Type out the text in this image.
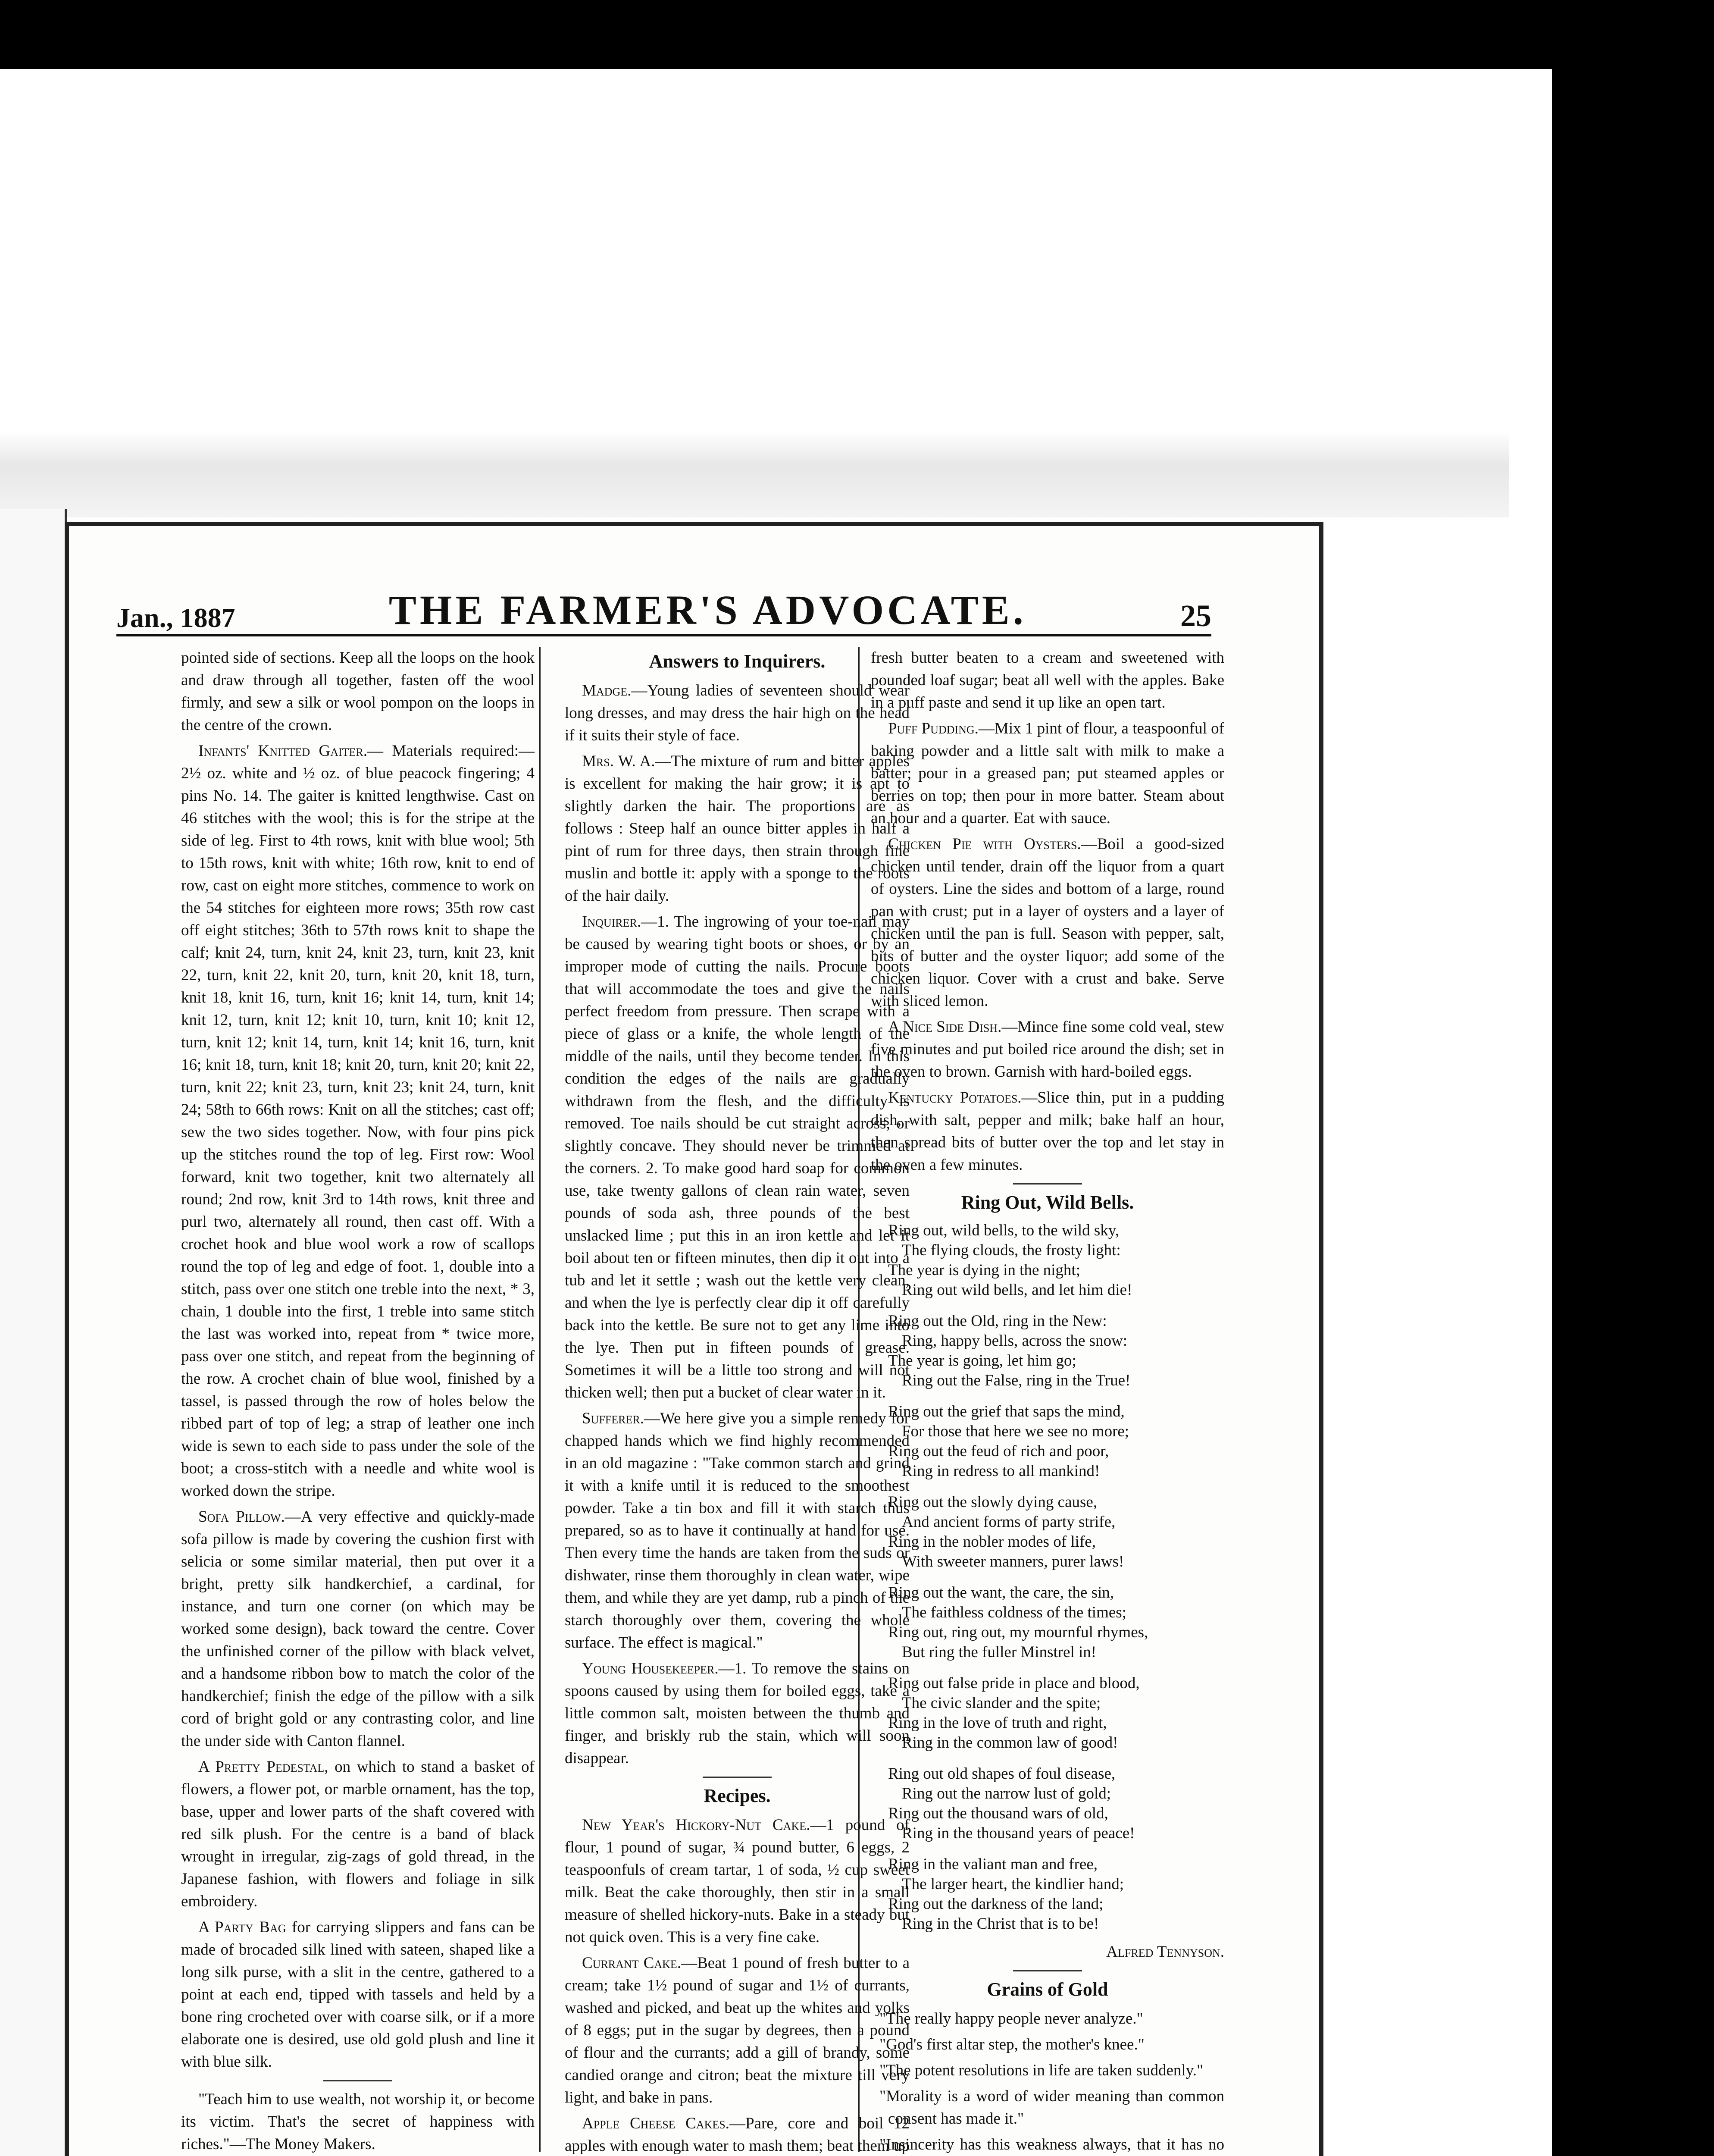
Jan., 1887	THE FARMER'S ADVOCATE.	25

pointed side of sections. Keep all the loops on the hook and draw through all together, fasten off the wool firmly, and sew a silk or wool pompon on the loops in the centre of the crown.

Infants' Knitted Gaiter.— Materials required:—2½ oz. white and ½ oz. of blue peacock fingering; 4 pins No. 14. The gaiter is knitted lengthwise. Cast on 46 stitches with the wool; this is for the stripe at the side of leg. First to 4th rows, knit with blue wool; 5th to 15th rows, knit with white; 16th row, knit to end of row, cast on eight more stitches, commence to work on the 54 stitches for eighteen more rows; 35th row cast off eight stitches; 36th to 57th rows knit to shape the calf; knit 24, turn, knit 24, knit 23, turn, knit 23, knit 22, turn, knit 22, knit 20, turn, knit 20, knit 18, turn, knit 18, knit 16, turn, knit 16; knit 14, turn, knit 14; knit 12, turn, knit 12; knit 10, turn, knit 10; knit 12, turn, knit 12; knit 14, turn, knit 14; knit 16, turn, knit 16; knit 18, turn, knit 18; knit 20, turn, knit 20; knit 22, turn, knit 22; knit 23, turn, knit 23; knit 24, turn, knit 24; 58th to 66th rows: Knit on all the stitches; cast off; sew the two sides together. Now, with four pins pick up the stitches round the top of leg. First row: Wool forward, knit two together, knit two alternately all round; 2nd row, knit 3rd to 14th rows, knit three and purl two, alternately all round, then cast off. With a crochet hook and blue wool work a row of scallops round the top of leg and edge of foot. 1, double into a stitch, pass over one stitch one treble into the next, * 3, chain, 1 double into the first, 1 treble into same stitch the last was worked into, repeat from * twice more, pass over one stitch, and repeat from the beginning of the row. A crochet chain of blue wool, finished by a tassel, is passed through the row of holes below the ribbed part of top of leg; a strap of leather one inch wide is sewn to each side to pass under the sole of the boot; a cross-stitch with a needle and white wool is worked down the stripe.

Sofa Pillow.—A very effective and quickly-made sofa pillow is made by covering the cushion first with selicia or some similar material, then put over it a bright, pretty silk handkerchief, a cardinal, for instance, and turn one corner (on which may be worked some design), back toward the centre. Cover the unfinished corner of the pillow with black velvet, and a handsome ribbon bow to match the color of the handkerchief; finish the edge of the pillow with a silk cord of bright gold or any contrasting color, and line the under side with Canton flannel.

A Pretty Pedestal, on which to stand a basket of flowers, a flower pot, or marble ornament, has the top, base, upper and lower parts of the shaft covered with red silk plush. For the centre is a band of black wrought in irregular, zig-zags of gold thread, in the Japanese fashion, with flowers and foliage in silk embroidery.

A Party Bag for carrying slippers and fans can be made of brocaded silk lined with sateen, shaped like a long silk purse, with a slit in the centre, gathered to a point at each end, tipped with tassels and held by a bone ring crocheted over with coarse silk, or if a more elaborate one is desired, use old gold plush and line it with blue silk.

"Teach him to use wealth, not worship it, or become its victim. That's the secret of happiness with riches."—The Money Makers.

Answers to Inquirers.

Madge.—Young ladies of seventeen should wear long dresses, and may dress the hair high on the head if it suits their style of face.

Mrs. W. A.—The mixture of rum and bitter apples is excellent for making the hair grow; it is apt to slightly darken the hair. The proportions are as follows : Steep half an ounce bitter apples in half a pint of rum for three days, then strain through fine muslin and bottle it: apply with a sponge to the roots of the hair daily.

Inquirer.—1. The ingrowing of your toe-nail may be caused by wearing tight boots or shoes, or by an improper mode of cutting the nails. Procure boots that will accommodate the toes and give the nails perfect freedom from pressure. Then scrape with a piece of glass or a knife, the whole length of the middle of the nails, until they become tender. In this condition the edges of the nails are gradually withdrawn from the flesh, and the difficulty is removed. Toe nails should be cut straight across, or slightly concave. They should never be trimmed at the corners. 2. To make good hard soap for common use, take twenty gallons of clean rain water, seven pounds of soda ash, three pounds of the best unslacked lime ; put this in an iron kettle and let it boil about ten or fifteen minutes, then dip it out into a tub and let it settle ; wash out the kettle very clean, and when the lye is perfectly clear dip it off carefully back into the kettle. Be sure not to get any lime into the lye. Then put in fifteen pounds of grease. Sometimes it will be a little too strong and will not thicken well; then put a bucket of clear water in it.

Sufferer.—We here give you a simple remedy for chapped hands which we find highly recommended in an old magazine : "Take common starch and grind it with a knife until it is reduced to the smoothest powder. Take a tin box and fill it with starch thus prepared, so as to have it continually at hand for use. Then every time the hands are taken from the suds or dishwater, rinse them thoroughly in clean water, wipe them, and while they are yet damp, rub a pinch of the starch thoroughly over them, covering the whole surface. The effect is magical."

Young Housekeeper.—1. To remove the stains on spoons caused by using them for boiled eggs, take a little common salt, moisten between the thumb and finger, and briskly rub the stain, which will soon disappear.

Recipes.

New Year's Hickory-Nut Cake.—1 pound of flour, 1 pound of sugar, ¾ pound butter, 6 eggs, 2 teaspoonfuls of cream tartar, 1 of soda, ½ cup sweet milk. Beat the cake thoroughly, then stir in a small measure of shelled hickory-nuts. Bake in a steady but not quick oven. This is a very fine cake.

Currant Cake.—Beat 1 pound of fresh butter to a cream; take 1½ pound of sugar and 1½ of currants, washed and picked, and beat up the whites and yolks of 8 eggs; put in the sugar by degrees, then a pound of flour and the currants; add a gill of brandy, some candied orange and citron; beat the mixture till very light, and bake in pans.

Apple Cheese Cakes.—Pare, core and boil 12 apples with enough water to mash them; beat them up

fresh butter beaten to a cream and sweetened with pounded loaf sugar; beat all well with the apples. Bake in a puff paste and send it up like an open tart.

Puff Pudding.—Mix 1 pint of flour, a teaspoonful of baking powder and a little salt with milk to make a batter; pour in a greased pan; put steamed apples or berries on top; then pour in more batter. Steam about an hour and a quarter. Eat with sauce.

Chicken Pie with Oysters.—Boil a good-sized chicken until tender, drain off the liquor from a quart of oysters. Line the sides and bottom of a large, round pan with crust; put in a layer of oysters and a layer of chicken until the pan is full. Season with pepper, salt, bits of butter and the oyster liquor; add some of the chicken liquor. Cover with a crust and bake. Serve with sliced lemon.

A Nice Side Dish.—Mince fine some cold veal, stew five minutes and put boiled rice around the dish; set in the oven to brown. Garnish with hard-boiled eggs.

Kentucky Potatoes.—Slice thin, put in a pudding dish, with salt, pepper and milk; bake half an hour, then spread bits of butter over the top and let stay in the oven a few minutes.

Ring Out, Wild Bells.
Ring out, wild bells, to the wild sky,
The flying clouds, the frosty light:
The year is dying in the night;
Ring out wild bells, and let him die!
Ring out the Old, ring in the New:
Ring, happy bells, across the snow:
The year is going, let him go;
Ring out the False, ring in the True!
Ring out the grief that saps the mind,
For those that here we see no more;
Ring out the feud of rich and poor,
Ring in redress to all mankind!
Ring out the slowly dying cause,
And ancient forms of party strife,
Ring in the nobler modes of life,
With sweeter manners, purer laws!
Ring out the want, the care, the sin,
The faithless coldness of the times;
Ring out, ring out, my mournful rhymes,
But ring the fuller Minstrel in!
Ring out false pride in place and blood,
The civic slander and the spite;
Ring in the love of truth and right,
Ring in the common law of good!
Ring out old shapes of foul disease,
Ring out the narrow lust of gold;
Ring out the thousand wars of old,
Ring in the thousand years of peace!
Ring in the valiant man and free,
The larger heart, the kindlier hand;
Ring out the darkness of the land;
Ring in the Christ that is to be!
Alfred Tennyson.
Grains of Gold

"The really happy people never analyze."

"God's first altar step, the mother's knee."

"The potent resolutions in life are taken suddenly."

"Morality is a word of wider meaning than common consent has made it."

"Insincerity has this weakness always, that it has no
